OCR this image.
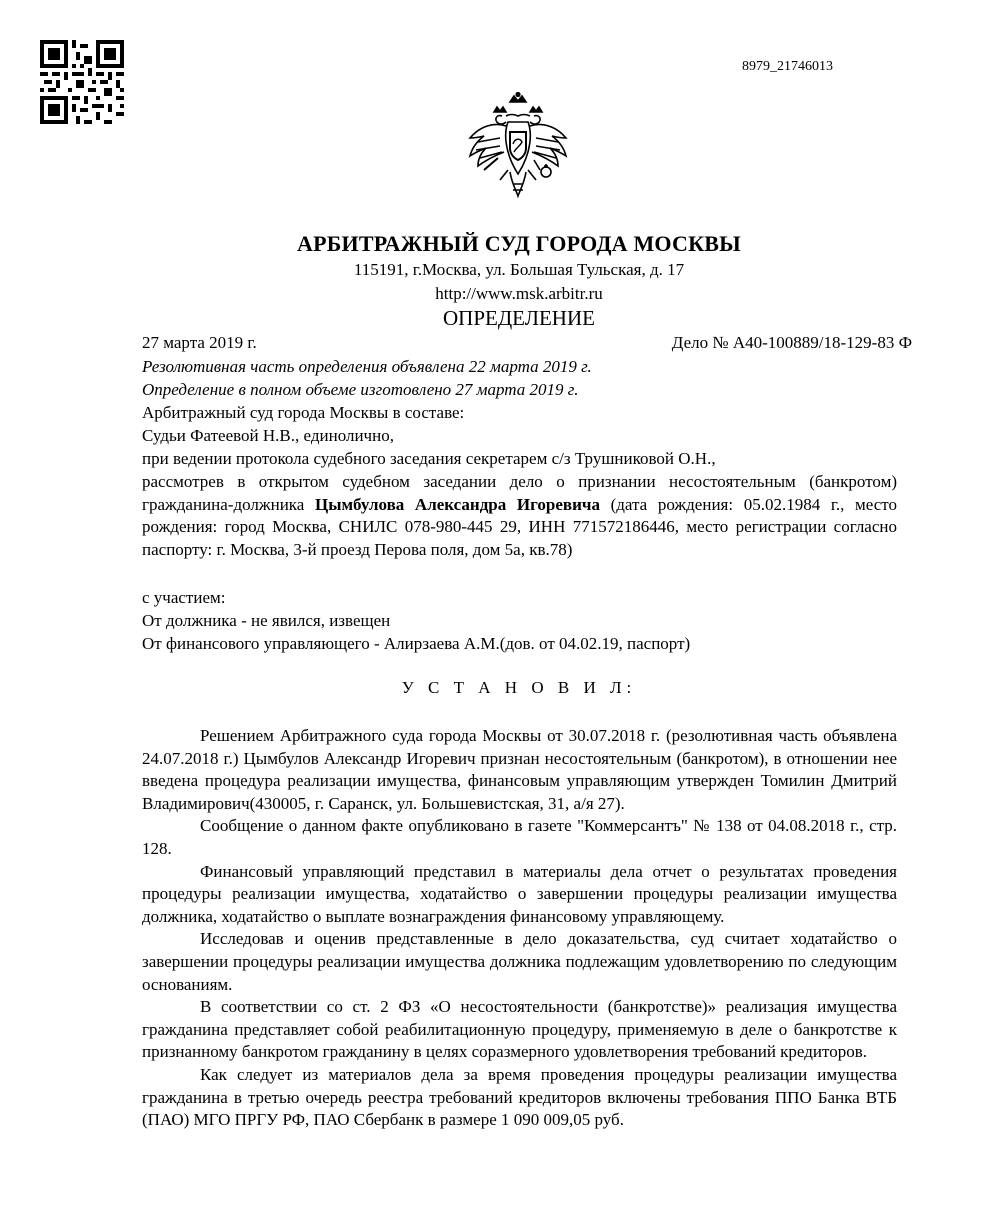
8979_21746013
АРБИТРАЖНЫЙ СУД ГОРОДА МОСКВЫ
115191, г.Москва, ул. Большая Тульская, д. 17
http://www.msk.arbitr.ru
ОПРЕДЕЛЕНИЕ
27 марта 2019 г.	Дело № А40-100889/18-129-83 Ф
Резолютивная часть определения объявлена 22 марта 2019 г.
Определение в полном объеме изготовлено 27 марта 2019 г.
Арбитражный суд города Москвы в составе:
Судьи Фатеевой Н.В., единолично,
при ведении протокола судебного заседания секретарем с/з Трушниковой О.Н.,

рассмотрев в открытом судебном заседании дело о признании несостоятельным (банкротом) гражданина-должника Цымбулова Александра Игоревича (дата рождения: 05.02.1984 г., место рождения: город Москва, СНИЛС 078-980-445 29, ИНН 771572186446, место регистрации согласно паспорту: г. Москва, 3-й проезд Перова поля, дом 5а, кв.78)

с участием:
От должника - не явился, извещен
От финансового управляющего - Алирзаева А.М.(дов. от 04.02.19, паспорт)
У С Т А Н О В И Л:

Решением Арбитражного суда города Москвы от 30.07.2018 г. (резолютивная часть объявлена 24.07.2018 г.) Цымбулов Александр Игоревич признан несостоятельным (банкротом), в отношении нее введена процедура реализации имущества, финансовым управляющим утвержден Томилин Дмитрий Владимирович(430005, г. Саранск, ул. Большевистская, 31, а/я 27).

Сообщение о данном факте опубликовано в газете "Коммерсантъ" № 138 от 04.08.2018 г., стр. 128.

Финансовый управляющий представил в материалы дела отчет о результатах проведения процедуры реализации имущества, ходатайство о завершении процедуры реализации имущества должника, ходатайство о выплате вознаграждения финансовому управляющему.

Исследовав и оценив представленные в дело доказательства, суд считает ходатайство о завершении процедуры реализации имущества должника подлежащим удовлетворению по следующим основаниям.

В соответствии со ст. 2 ФЗ «О несостоятельности (банкротстве)» реализация имущества гражданина представляет собой реабилитационную процедуру, применяемую в деле о банкротстве к признанному банкротом гражданину в целях соразмерного удовлетворения требований кредиторов.

Как следует из материалов дела за время проведения процедуры реализации имущества гражданина в третью очередь реестра требований кредиторов включены требования ППО Банка ВТБ (ПАО) МГО ПРГУ РФ, ПАО Сбербанк в размере 1 090 009,05 руб.
